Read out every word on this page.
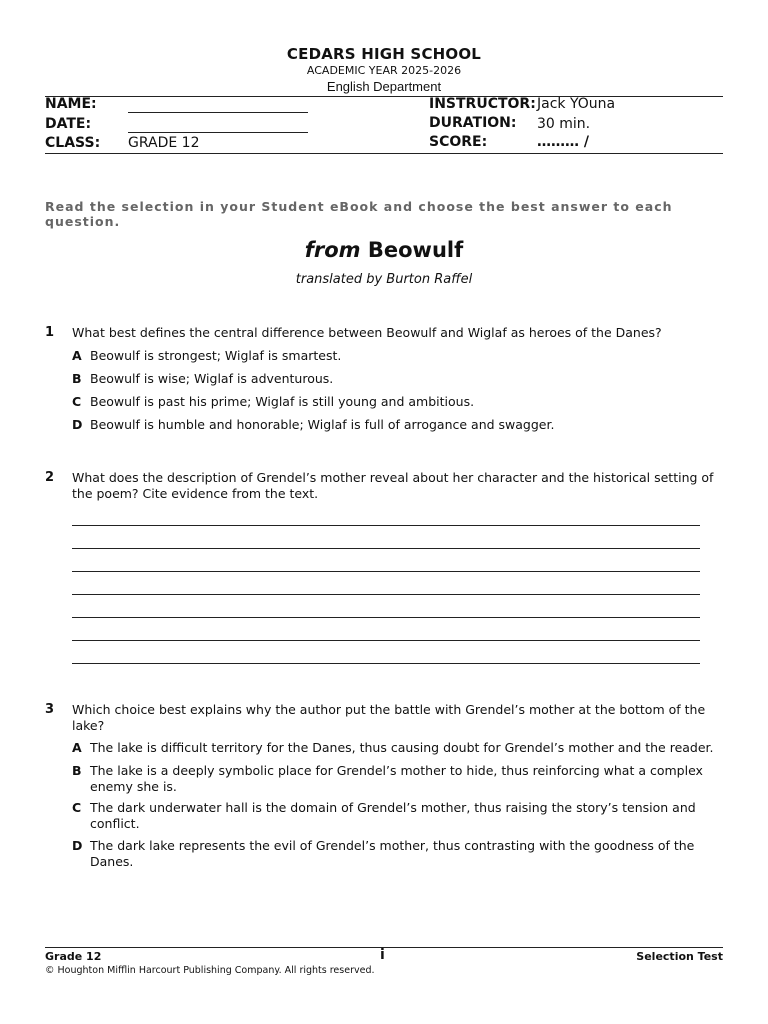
CEDARS HIGH SCHOOL
ACADEMIC YEAR 2025-2026
English Department
NAME:
DATE:
CLASS: GRADE 12
INSTRUCTOR: Jack YOuna
DURATION: 30 min.
SCORE:	……… /
Read the selection in your Student eBook and choose the best answer to each question.
from Beowulf
translated by Burton Raffel
1 What best defines the central difference between Beowulf and Wiglaf as heroes of the Danes?
A Beowulf is strongest; Wiglaf is smartest.
B Beowulf is wise; Wiglaf is adventurous.
C Beowulf is past his prime; Wiglaf is still young and ambitious.
D Beowulf is humble and honorable; Wiglaf is full of arrogance and swagger.
2 What does the description of Grendel’s mother reveal about her character and the historical setting of the poem? Cite evidence from the text.
3 Which choice best explains why the author put the battle with Grendel’s mother at the bottom of the lake?
A The lake is difficult territory for the Danes, thus causing doubt for Grendel’s mother and the reader.
B The lake is a deeply symbolic place for Grendel’s mother to hide, thus reinforcing what a complex enemy she is.
C The dark underwater hall is the domain of Grendel’s mother, thus raising the story’s tension and conflict.
D The dark lake represents the evil of Grendel’s mother, thus contrasting with the goodness of the Danes.
Grade 12	i	Selection Test
© Houghton Mifflin Harcourt Publishing Company. All rights reserved.
